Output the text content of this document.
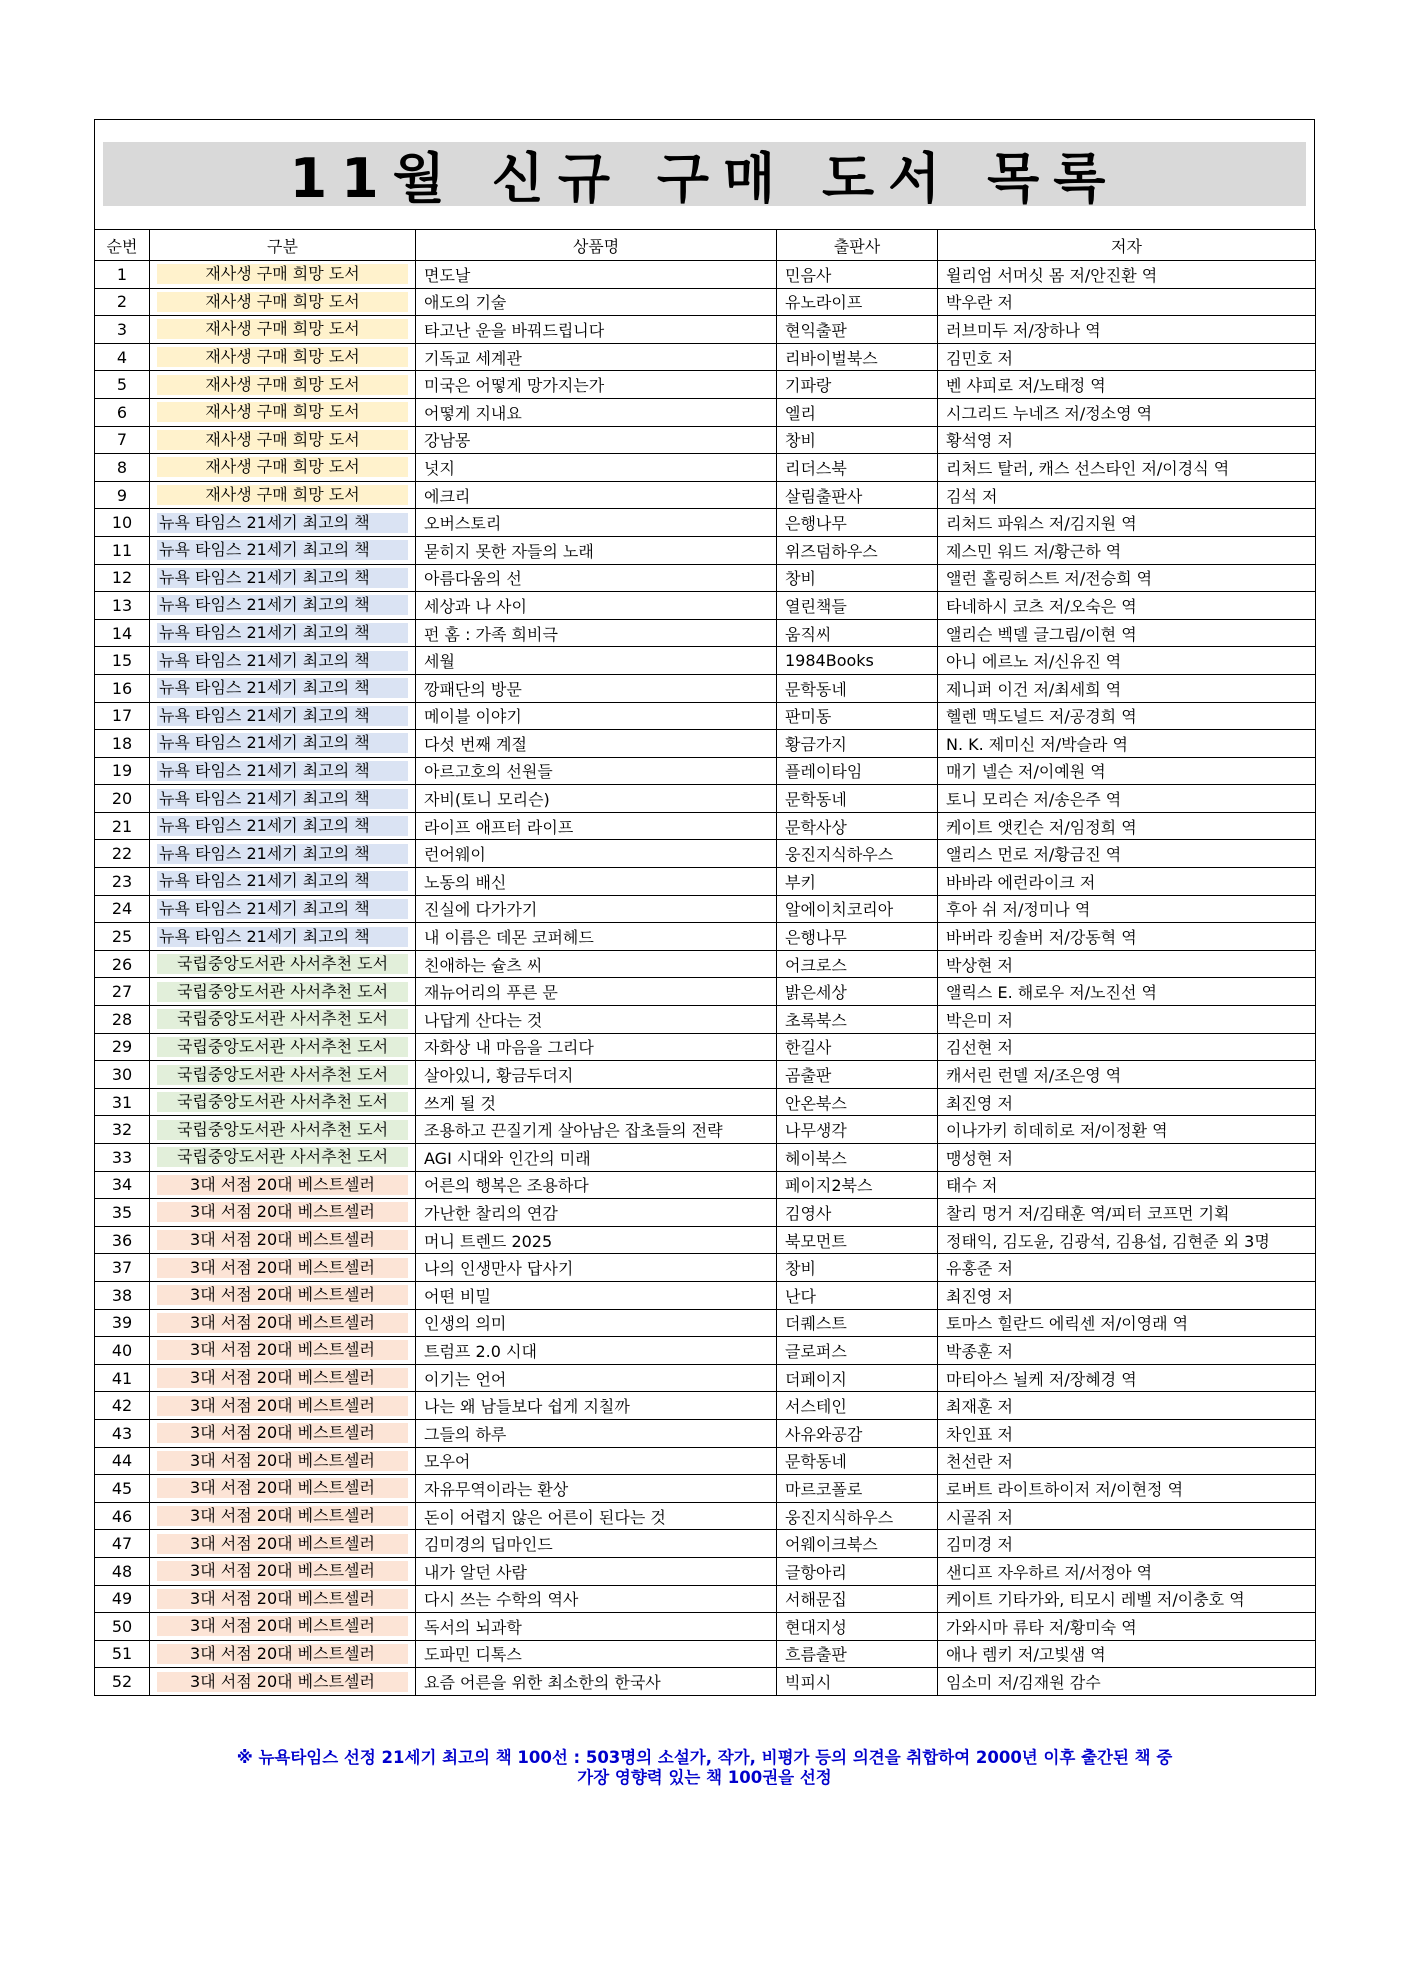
11월 신규 구매 도서 목록
순번	구분	상품명	출판사	저자
1	재사생 구매 희망 도서	면도날	민음사	윌리엄 서머싯 몸 저/안진환 역
2	재사생 구매 희망 도서	애도의 기술	유노라이프	박우란 저
3	재사생 구매 희망 도서	타고난 운을 바꿔드립니다	현익출판	러브미두 저/장하나 역
4	재사생 구매 희망 도서	기독교 세계관	리바이벌북스	김민호 저
5	재사생 구매 희망 도서	미국은 어떻게 망가지는가	기파랑	벤 샤피로 저/노태정 역
6	재사생 구매 희망 도서	어떻게 지내요	엘리	시그리드 누네즈 저/정소영 역
7	재사생 구매 희망 도서	강남몽	창비	황석영 저
8	재사생 구매 희망 도서	넛지	리더스북	리처드 탈러, 캐스 선스타인 저/이경식 역
9	재사생 구매 희망 도서	에크리	살림출판사	김석 저
10	뉴욕 타임스 21세기 최고의 책	오버스토리	은행나무	리처드 파워스 저/김지원 역
11	뉴욕 타임스 21세기 최고의 책	묻히지 못한 자들의 노래	위즈덤하우스	제스민 워드 저/황근하 역
12	뉴욕 타임스 21세기 최고의 책	아름다움의 선	창비	앨런 홀링허스트 저/전승희 역
13	뉴욕 타임스 21세기 최고의 책	세상과 나 사이	열린책들	타네하시 코츠 저/오숙은 역
14	뉴욕 타임스 21세기 최고의 책	펀 홈 : 가족 희비극	움직씨	앨리슨 벡델 글그림/이현 역
15	뉴욕 타임스 21세기 최고의 책	세월	1984Books	아니 에르노 저/신유진 역
16	뉴욕 타임스 21세기 최고의 책	깡패단의 방문	문학동네	제니퍼 이건 저/최세희 역
17	뉴욕 타임스 21세기 최고의 책	메이블 이야기	판미동	헬렌 맥도널드 저/공경희 역
18	뉴욕 타임스 21세기 최고의 책	다섯 번째 계절	황금가지	N. K. 제미신 저/박슬라 역
19	뉴욕 타임스 21세기 최고의 책	아르고호의 선원들	플레이타임	매기 넬슨 저/이예원 역
20	뉴욕 타임스 21세기 최고의 책	자비(토니 모리슨)	문학동네	토니 모리슨 저/송은주 역
21	뉴욕 타임스 21세기 최고의 책	라이프 애프터 라이프	문학사상	케이트 앳킨슨 저/임정희 역
22	뉴욕 타임스 21세기 최고의 책	런어웨이	웅진지식하우스	앨리스 먼로 저/황금진 역
23	뉴욕 타임스 21세기 최고의 책	노동의 배신	부키	바바라 에런라이크 저
24	뉴욕 타임스 21세기 최고의 책	진실에 다가가기	알에이치코리아	후아 쉬 저/정미나 역
25	뉴욕 타임스 21세기 최고의 책	내 이름은 데몬 코퍼헤드	은행나무	바버라 킹솔버 저/강동혁 역
26	국립중앙도서관 사서추천 도서	친애하는 슐츠 씨	어크로스	박상현 저
27	국립중앙도서관 사서추천 도서	재뉴어리의 푸른 문	밝은세상	앨릭스 E. 해로우 저/노진선 역
28	국립중앙도서관 사서추천 도서	나답게 산다는 것	초록북스	박은미 저
29	국립중앙도서관 사서추천 도서	자화상 내 마음을 그리다	한길사	김선현 저
30	국립중앙도서관 사서추천 도서	살아있니, 황금두더지	곰출판	캐서린 런델 저/조은영 역
31	국립중앙도서관 사서추천 도서	쓰게 될 것	안온북스	최진영 저
32	국립중앙도서관 사서추천 도서	조용하고 끈질기게 살아남은 잡초들의 전략	나무생각	이나가키 히데히로 저/이정환 역
33	국립중앙도서관 사서추천 도서	AGI 시대와 인간의 미래	헤이북스	맹성현 저
34	3대 서점 20대 베스트셀러	어른의 행복은 조용하다	페이지2북스	태수 저
35	3대 서점 20대 베스트셀러	가난한 찰리의 연감	김영사	찰리 멍거 저/김태훈 역/피터 코프먼 기획
36	3대 서점 20대 베스트셀러	머니 트렌드 2025	북모먼트	정태익, 김도윤, 김광석, 김용섭, 김현준 외 3명
37	3대 서점 20대 베스트셀러	나의 인생만사 답사기	창비	유홍준 저
38	3대 서점 20대 베스트셀러	어떤 비밀	난다	최진영 저
39	3대 서점 20대 베스트셀러	인생의 의미	더퀘스트	토마스 힐란드 에릭센 저/이영래 역
40	3대 서점 20대 베스트셀러	트럼프 2.0 시대	글로퍼스	박종훈 저
41	3대 서점 20대 베스트셀러	이기는 언어	더페이지	마티아스 뇔케 저/장혜경 역
42	3대 서점 20대 베스트셀러	나는 왜 남들보다 쉽게 지칠까	서스테인	최재훈 저
43	3대 서점 20대 베스트셀러	그들의 하루	사유와공감	차인표 저
44	3대 서점 20대 베스트셀러	모우어	문학동네	천선란 저
45	3대 서점 20대 베스트셀러	자유무역이라는 환상	마르코폴로	로버트 라이트하이저 저/이현정 역
46	3대 서점 20대 베스트셀러	돈이 어렵지 않은 어른이 된다는 것	웅진지식하우스	시골쥐 저
47	3대 서점 20대 베스트셀러	김미경의 딥마인드	어웨이크북스	김미경 저
48	3대 서점 20대 베스트셀러	내가 알던 사람	글항아리	샌디프 자우하르 저/서정아 역
49	3대 서점 20대 베스트셀러	다시 쓰는 수학의 역사	서해문집	케이트 기타가와, 티모시 레벨 저/이충호 역
50	3대 서점 20대 베스트셀러	독서의 뇌과학	현대지성	가와시마 류타 저/황미숙 역
51	3대 서점 20대 베스트셀러	도파민 디톡스	흐름출판	애나 렘키 저/고빛샘 역
52	3대 서점 20대 베스트셀러	요즘 어른을 위한 최소한의 한국사	빅피시	임소미 저/김재원 감수
※ 뉴욕타임스 선정 21세기 최고의 책 100선 : 503명의 소설가, 작가, 비평가 등의 의견을 취합하여 2000년 이후 출간된 책 중
가장 영향력 있는 책 100권을 선정
